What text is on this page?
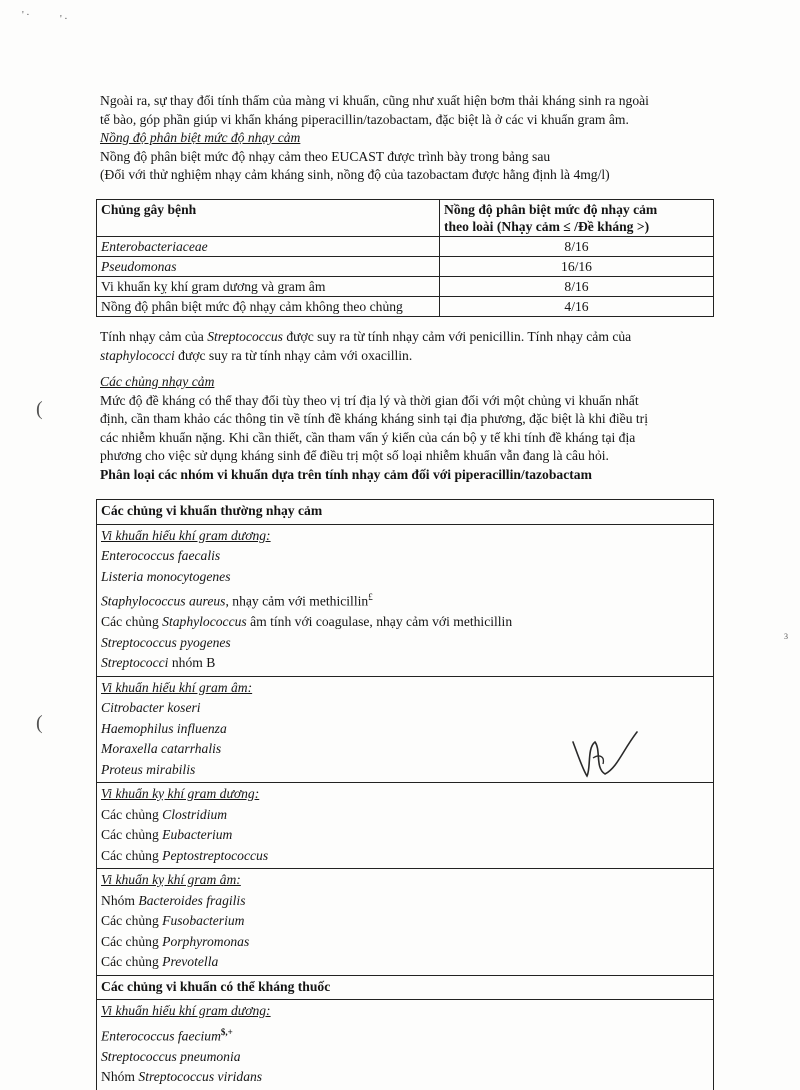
' ·	' ·
(
(
3

Ngoài ra, sự thay đổi tính thấm của màng vi khuẩn, cũng như xuất hiện bơm thải kháng sinh ra ngoài

tế bào, góp phần giúp vi khẩn kháng piperacillin/tazobactam, đặc biệt là ở các vi khuẩn gram âm.

Nồng độ phân biệt mức độ nhạy cảm

Nồng độ phân biệt mức độ nhạy cảm theo EUCAST được trình bày trong bảng sau

(Đối với thử nghiệm nhạy cảm kháng sinh, nồng độ của tazobactam được hằng định là 4mg/l)

Chủng gây bệnh	Nồng độ phân biệt mức độ nhạy cảm
theo loài (Nhạy cảm ≤ /Đề kháng >)

Enterobacteriaceae	8/16
Pseudomonas	16/16
Vi khuẩn kỵ khí gram dương và gram âm	8/16
Nồng độ phân biệt mức độ nhạy cảm không theo chủng	4/16

Tính nhạy cảm của Streptococcus được suy ra từ tính nhạy cảm với penicillin. Tính nhạy cảm của

staphylococci được suy ra từ tính nhạy cảm với oxacillin.

Các chủng nhạy cảm

Mức độ đề kháng có thể thay đổi tùy theo vị trí địa lý và thời gian đối với một chủng vi khuẩn nhất

định, cần tham khảo các thông tin về tính đề kháng kháng sinh tại địa phương, đặc biệt là khi điều trị

các nhiễm khuẩn nặng. Khi cần thiết, cần tham vấn ý kiến của cán bộ y tế khi tính đề kháng tại địa

phương cho việc sử dụng kháng sinh để điều trị một số loại nhiễm khuẩn vẫn đang là câu hỏi.

Phân loại các nhóm vi khuẩn dựa trên tính nhạy cảm đối với piperacillin/tazobactam

Các chủng vi khuẩn thường nhạy cảm

Vi khuẩn hiếu khí gram dương:
Enterococcus faecalis
Listeria monocytogenes
Staphylococcus aureus, nhạy cảm với methicillin£
Các chủng Staphylococcus âm tính với coagulase, nhạy cảm với methicillin
Streptococcus pyogenes
Streptococci nhóm B

Vi khuẩn hiếu khí gram âm:
Citrobacter koseri
Haemophilus influenza
Moraxella catarrhalis
Proteus mirabilis

Vi khuẩn kỵ khí gram dương:
Các chủng Clostridium
Các chủng Eubacterium
Các chủng Peptostreptococcus

Vi khuẩn kỵ khí gram âm:
Nhóm Bacteroides fragilis
Các chủng Fusobacterium
Các chủng Porphyromonas
Các chủng Prevotella

Các chủng vi khuẩn có thể kháng thuốc

Vi khuẩn hiếu khí gram dương:
Enterococcus faecium$,+
Streptococcus pneumonia
Nhóm Streptococcus viridans
